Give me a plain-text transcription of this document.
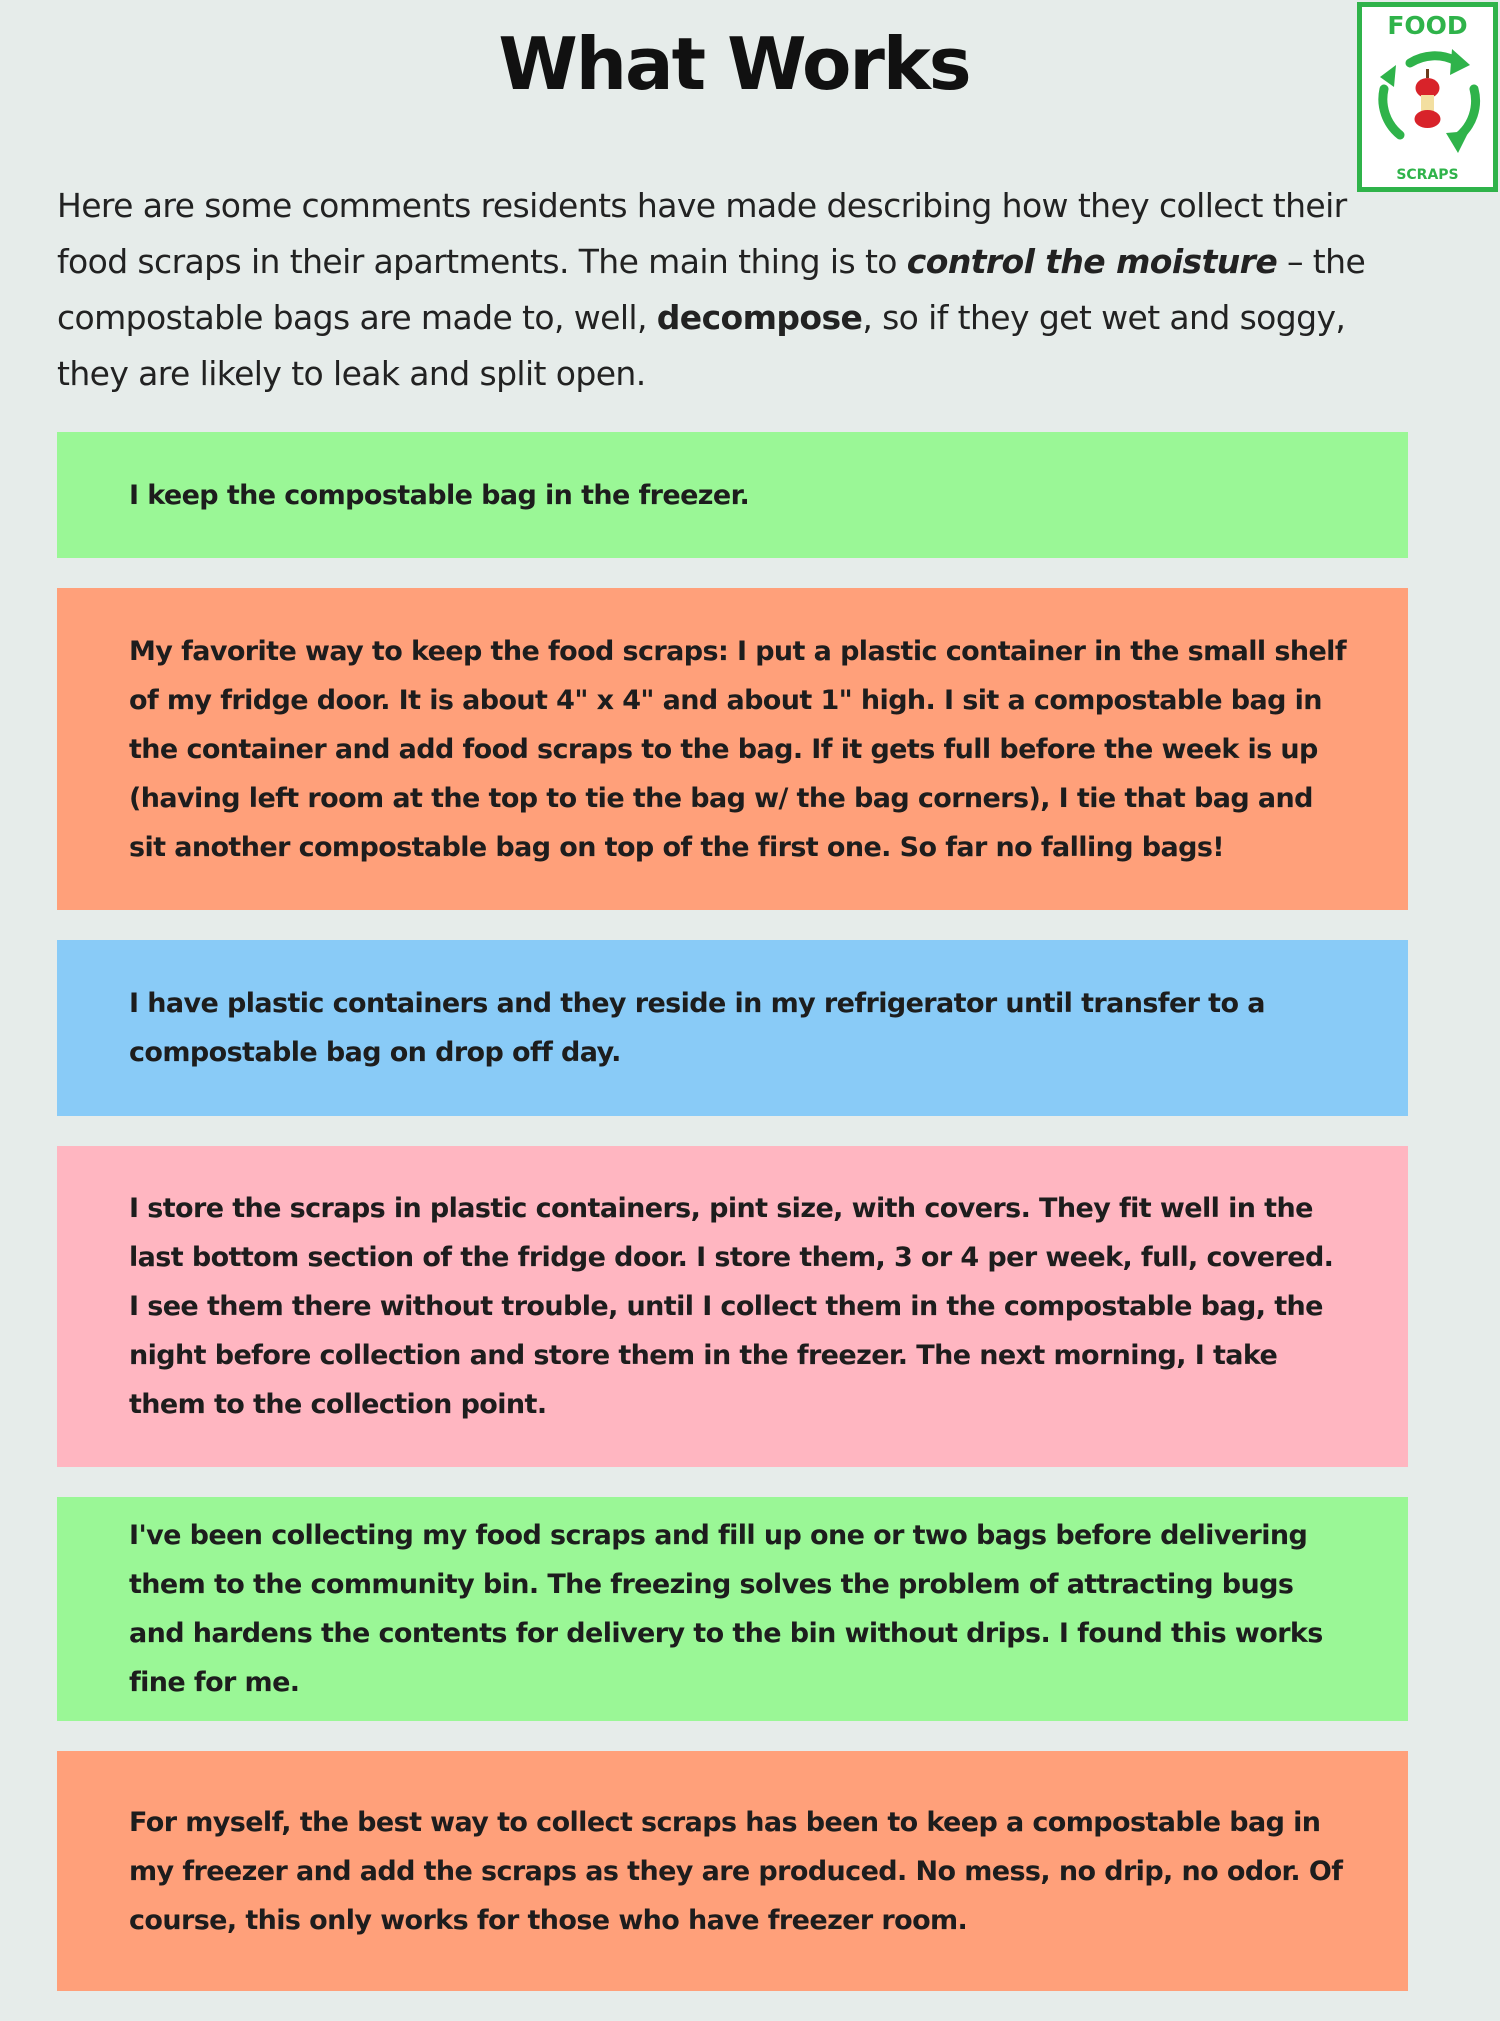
What Works	FOOD
SCRAPS

Here are some comments residents have made describing how they collect their food scraps in their apartments. The main thing is to control the moisture – the compostable bags are made to, well, decompose, so if they get wet and soggy, they are likely to leak and split open.

I keep the compostable bag in the freezer.

My favorite way to keep the food scraps: I put a plastic container in the small shelf of my fridge door. It is about 4" x 4" and about 1" high. I sit a compostable bag in the container and add food scraps to the bag. If it gets full before the week is up (having left room at the top to tie the bag w/ the bag corners), I tie that bag and sit another compostable bag on top of the first one. So far no falling bags!

I have plastic containers and they reside in my refrigerator until transfer to a compostable bag on drop off day.

I store the scraps in plastic containers, pint size, with covers. They fit well in the last bottom section of the fridge door. I store them, 3 or 4 per week, full, covered. I see them there without trouble, until I collect them in the compostable bag, the night before collection and store them in the freezer. The next morning, I take them to the collection point.

I've been collecting my food scraps and fill up one or two bags before delivering them to the community bin. The freezing solves the problem of attracting bugs and hardens the contents for delivery to the bin without drips. I found this works fine for me.

For myself, the best way to collect scraps has been to keep a compostable bag in my freezer and add the scraps as they are produced. No mess, no drip, no odor. Of course, this only works for those who have freezer room.
